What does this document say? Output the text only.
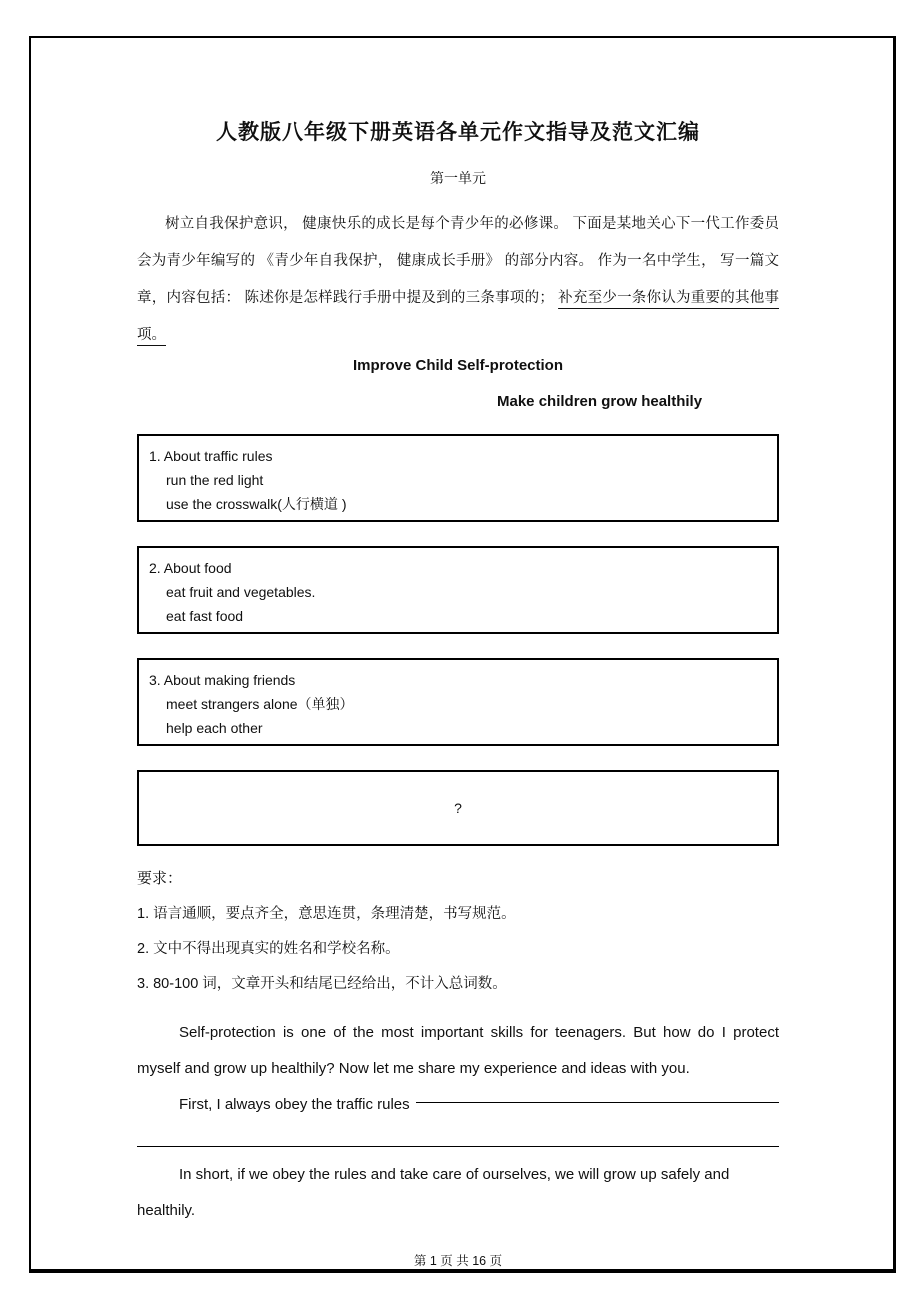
人教版八年级下册英语各单元作文指导及范文汇编
第一单元

树立自我保护意识， 健康快乐的成长是每个青少年的必修课。 下面是某地关心下一代工作委员会为青少年编写的 《青少年自我保护， 健康成长手册》 的部分内容。 作为一名中学生， 写一篇文章，内容包括： 陈述你是怎样践行手册中提及到的三条事项的； 补充至少一条你认为重要的其他事项。

Improve Child Self-protection
Make children grow healthily
1. About traffic rules
run the red light
use the crosswalk(人行横道 )
2. About food
eat fruit and vegetables.
eat fast food
3. About making friends
meet strangers alone（单独）
help each other
?
要求：
1. 语言通顺，要点齐全，意思连贯，条理清楚，书写规范。
2. 文中不得出现真实的姓名和学校名称。
3. 80-100 词，文章开头和结尾已经给出，不计入总词数。

Self-protection is one of the most important skills for teenagers. But how do I protect myself and grow up healthily? Now let me share my experience and ideas with you.

First, I always obey the traffic rules

In short, if we obey the rules and take care of ourselves, we will grow up safely and healthily.

第 1 页 共 16 页
